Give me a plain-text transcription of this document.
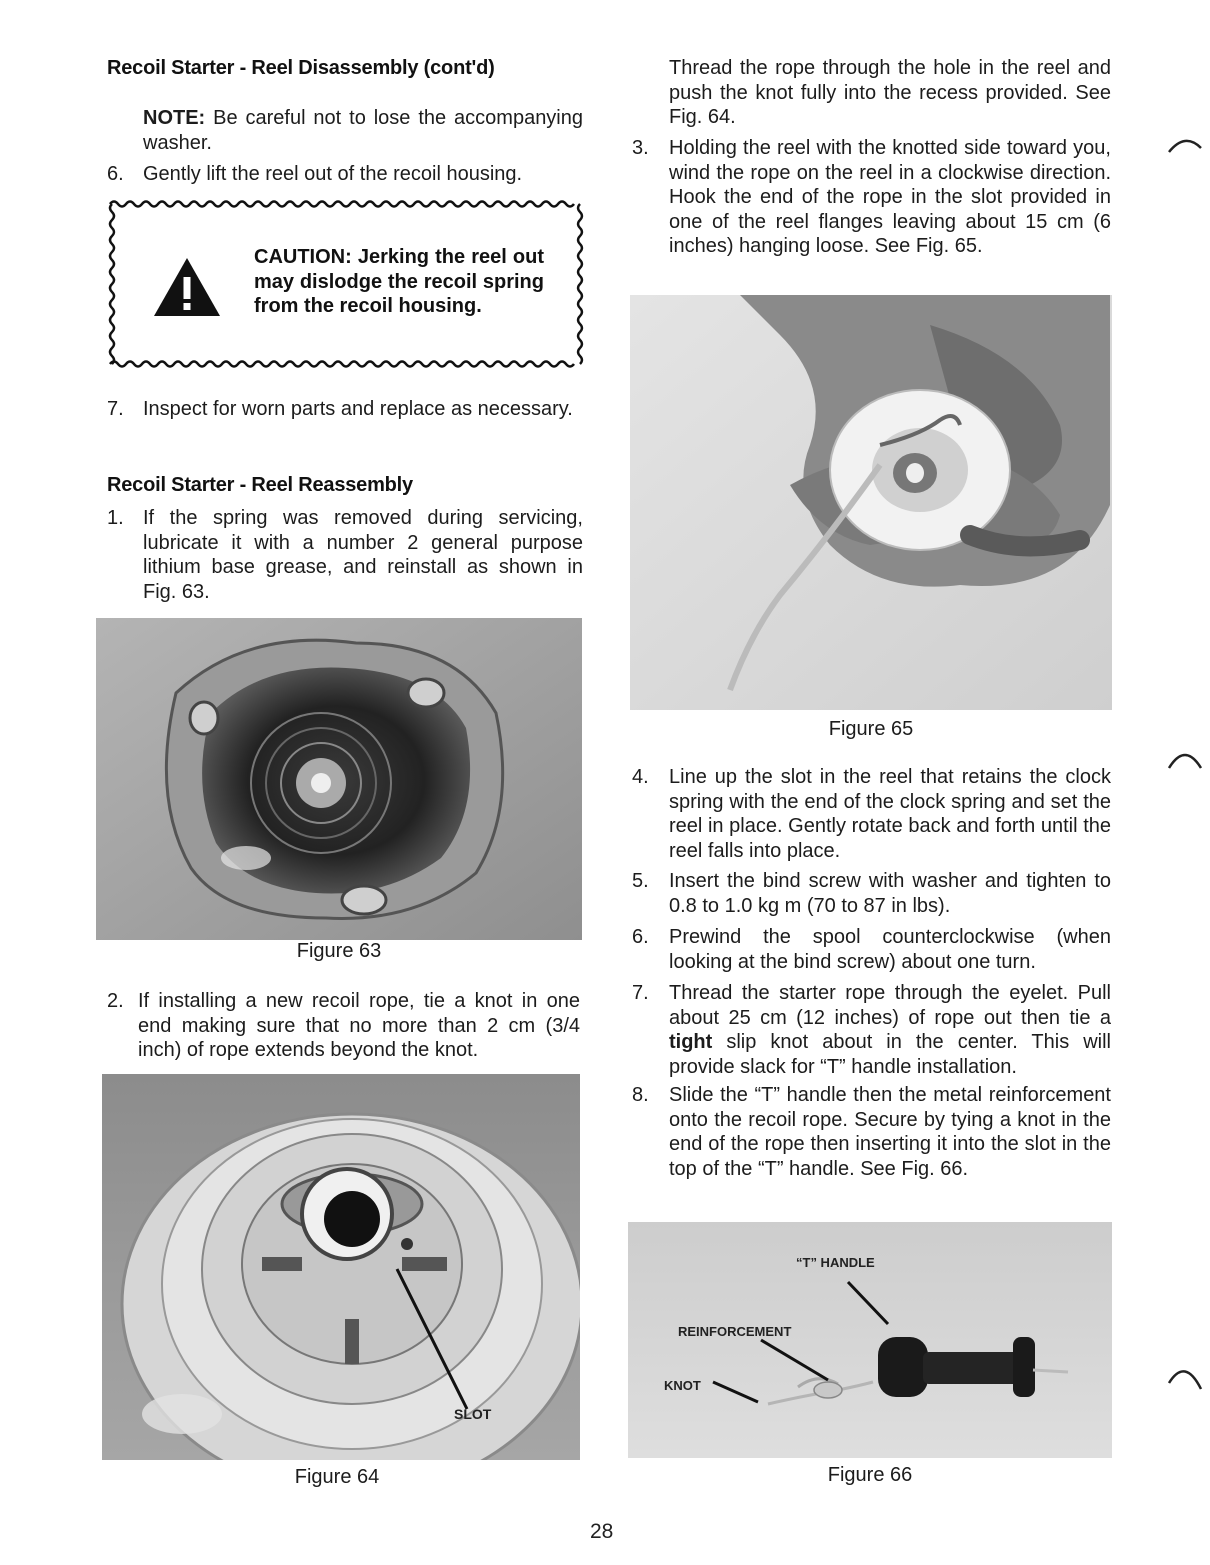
Recoil Starter - Reel Disassembly (cont'd)
NOTE: Be careful not to lose the accompanying washer.
6. Gently lift the reel out of the recoil housing.
CAUTION: Jerking the reel out may dislodge the recoil spring from the recoil housing.
7. Inspect for worn parts and replace as necessary.
Recoil Starter - Reel Reassembly
1. If the spring was removed during servicing, lubricate it with a number 2 general purpose lithium base grease, and reinstall as shown in Fig. 63.
Figure 63
2. If installing a new recoil rope, tie a knot in one end making sure that no more than 2 cm (3/4 inch) of rope extends beyond the knot.
SLOT
Figure 64
Thread the rope through the hole in the reel and push the knot fully into the recess provided. See Fig. 64.
3. Holding the reel with the knotted side toward you, wind the rope on the reel in a clockwise direction. Hook the end of the rope in the slot provided in one of the reel flanges leaving about 15 cm (6 inches) hanging loose. See Fig. 65.
Figure 65
4. Line up the slot in the reel that retains the clock spring with the end of the clock spring and set the reel in place. Gently rotate back and forth until the reel falls into place.
5. Insert the bind screw with washer and tighten to 0.8 to 1.0 kg m (70 to 87 in lbs).
6. Prewind the spool counterclockwise (when looking at the bind screw) about one turn.
7. Thread the starter rope through the eyelet. Pull about 25 cm (12 inches) of rope out then tie a tight slip knot about in the center. This will provide slack for “T” handle installation.
8. Slide the “T” handle then the metal reinforcement onto the recoil rope. Secure by tying a knot in the end of the rope then inserting it into the slot in the top of the “T” handle. See Fig. 66.
“T” HANDLE
REINFORCEMENT
KNOT
Figure 66
28
